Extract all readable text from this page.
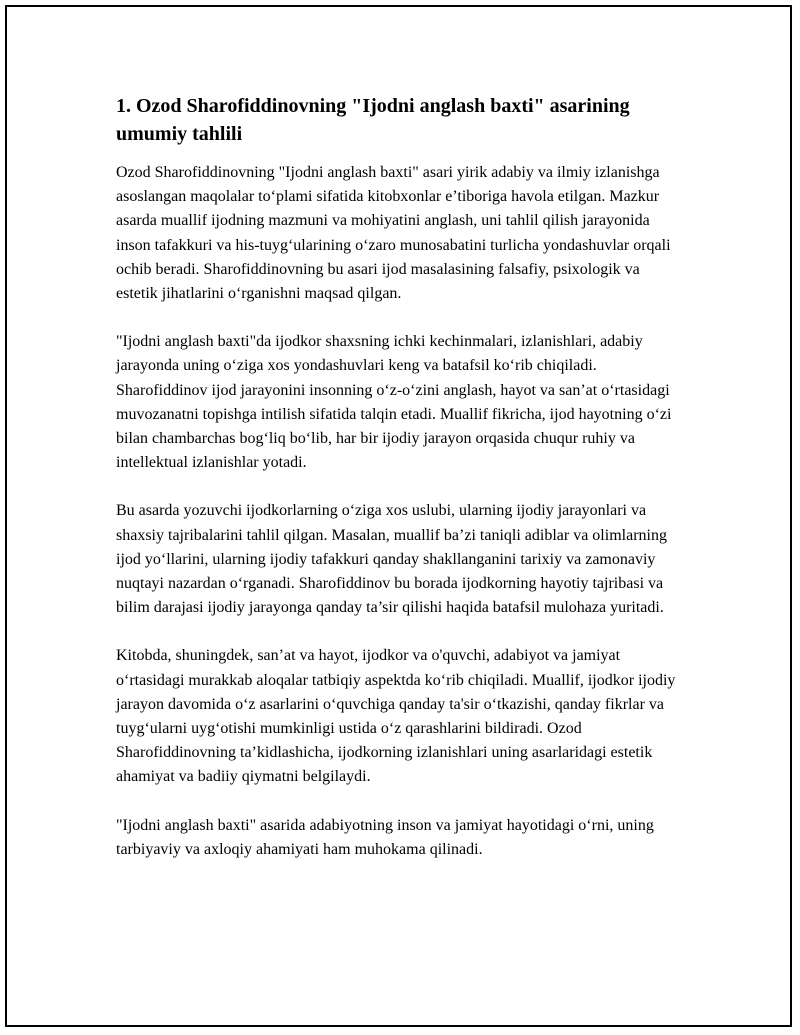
1. Ozod Sharofiddinovning "Ijodni anglash baxti" asarining umumiy tahlili

Ozod Sharofiddinovning "Ijodni anglash baxti" asari yirik adabiy va ilmiy izlanishga asoslangan maqolalar to‘plami sifatida kitobxonlar e’tiboriga havola etilgan. Mazkur asarda muallif ijodning mazmuni va mohiyatini anglash, uni tahlil qilish jarayonida inson tafakkuri va his-tuyg‘ularining o‘zaro munosabatini turlicha yondashuvlar orqali ochib beradi. Sharofiddinovning bu asari ijod masalasining falsafiy, psixologik va estetik jihatlarini o‘rganishni maqsad qilgan.

"Ijodni anglash baxti"da ijodkor shaxsning ichki kechinmalari, izlanishlari, adabiy jarayonda uning o‘ziga xos yondashuvlari keng va batafsil ko‘rib chiqiladi. Sharofiddinov ijod jarayonini insonning o‘z-o‘zini anglash, hayot va san’at o‘rtasidagi muvozanatni topishga intilish sifatida talqin etadi. Muallif fikricha, ijod hayotning o‘zi bilan chambarchas bog‘liq bo‘lib, har bir ijodiy jarayon orqasida chuqur ruhiy va intellektual izlanishlar yotadi.

Bu asarda yozuvchi ijodkorlarning o‘ziga xos uslubi, ularning ijodiy jarayonlari va shaxsiy tajribalarini tahlil qilgan. Masalan, muallif ba’zi taniqli adiblar va olimlarning ijod yo‘llarini, ularning ijodiy tafakkuri qanday shakllanganini tarixiy va zamonaviy nuqtayi nazardan o‘rganadi. Sharofiddinov bu borada ijodkorning hayotiy tajribasi va bilim darajasi ijodiy jarayonga qanday ta’sir qilishi haqida batafsil mulohaza yuritadi.

Kitobda, shuningdek, san’at va hayot, ijodkor va o'quvchi, adabiyot va jamiyat o‘rtasidagi murakkab aloqalar tatbiqiy aspektda ko‘rib chiqiladi. Muallif, ijodkor ijodiy jarayon davomida o‘z asarlarini o‘quvchiga qanday ta'sir o‘tkazishi, qanday fikrlar va tuyg‘ularni uyg‘otishi mumkinligi ustida o‘z qarashlarini bildiradi. Ozod Sharofiddinovning ta’kidlashicha, ijodkorning izlanishlari uning asarlaridagi estetik ahamiyat va badiiy qiymatni belgilaydi.

"Ijodni anglash baxti" asarida adabiyotning inson va jamiyat hayotidagi o‘rni, uning tarbiyaviy va axloqiy ahamiyati ham muhokama qilinadi.
